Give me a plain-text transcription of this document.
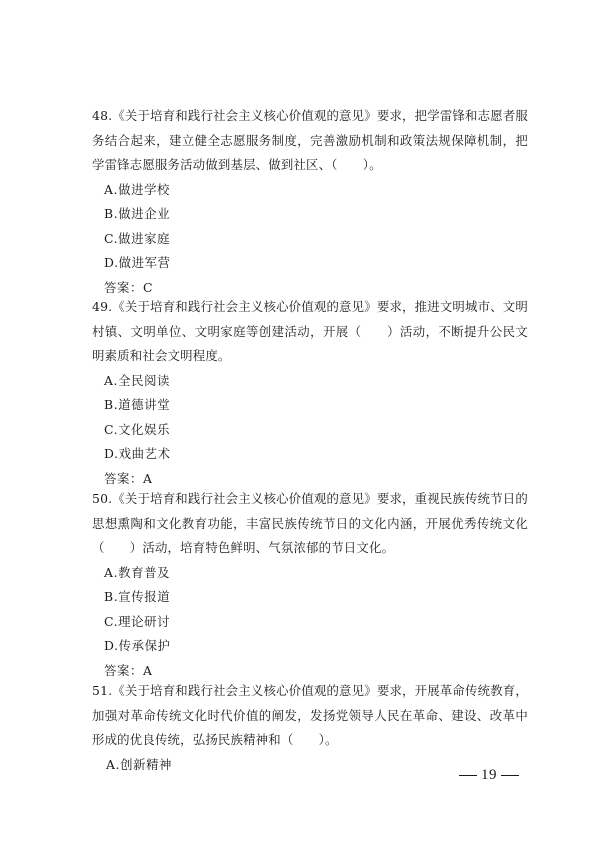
48.《关于培育和践行社会主义核心价值观的意见》要求，把学雷锋和志愿者服务结合起来，建立健全志愿服务制度，完善激励机制和政策法规保障机制，把学雷锋志愿服务活动做到基层、做到社区、（　　）。

A.做进学校
B.做进企业
C.做进家庭
D.做进军营
答案：C

49.《关于培育和践行社会主义核心价值观的意见》要求，推进文明城市、文明村镇、文明单位、文明家庭等创建活动，开展（　　）活动，不断提升公民文明素质和社会文明程度。

A.全民阅读
B.道德讲堂
C.文化娱乐
D.戏曲艺术
答案：A

50.《关于培育和践行社会主义核心价值观的意见》要求，重视民族传统节日的思想熏陶和文化教育功能，丰富民族传统节日的文化内涵，开展优秀传统文化（　　）活动，培育特色鲜明、气氛浓郁的节日文化。

A.教育普及
B.宣传报道
C.理论研讨
D.传承保护
答案：A

51.《关于培育和践行社会主义核心价值观的意见》要求，开展革命传统教育，加强对革命传统文化时代价值的阐发，发扬党领导人民在革命、建设、改革中形成的优良传统，弘扬民族精神和（　　）。

A.创新精神
19
